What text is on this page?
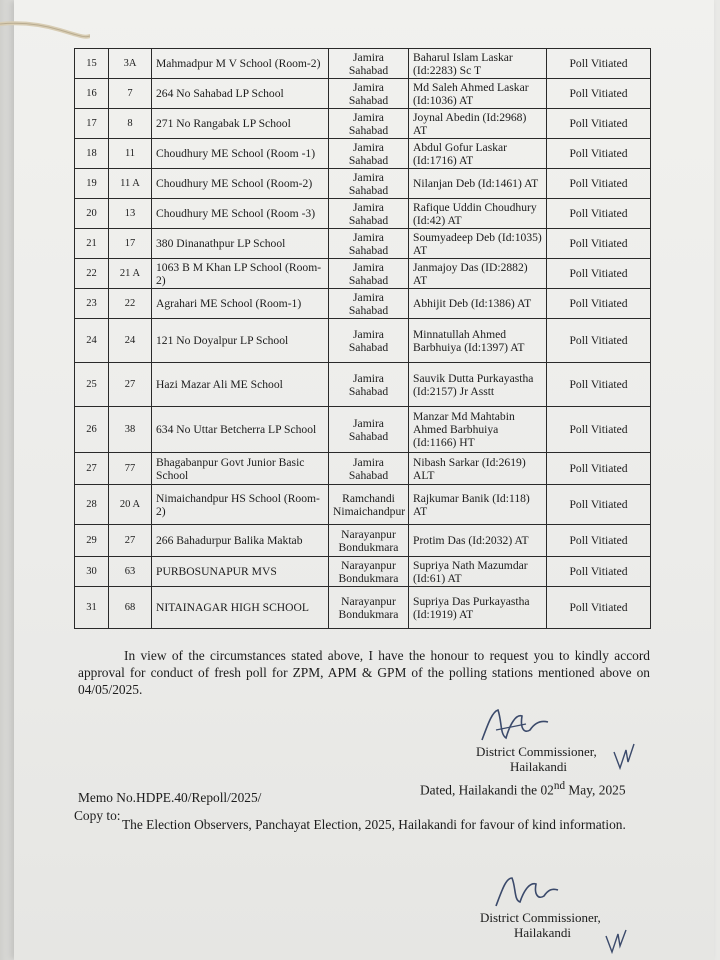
15	3A	Mahmadpur M V School (Room-2)	Jamira Sahabad	Baharul Islam Laskar (Id:2283) Sc T	Poll Vitiated
16	7	264 No Sahabad LP School	Jamira Sahabad	Md Saleh Ahmed Laskar (Id:1036) AT	Poll Vitiated
17	8	271 No Rangabak LP School	Jamira Sahabad	Joynal Abedin (Id:2968) AT	Poll Vitiated
18	11	Choudhury ME School (Room -1)	Jamira Sahabad	Abdul Gofur Laskar (Id:1716) AT	Poll Vitiated
19	11 A	Choudhury ME School (Room-2)	Jamira Sahabad	Nilanjan Deb (Id:1461) AT	Poll Vitiated
20	13	Choudhury ME School (Room -3)	Jamira Sahabad	Rafique Uddin Choudhury (Id:42) AT	Poll Vitiated
21	17	380 Dinanathpur LP School	Jamira Sahabad	Soumyadeep Deb (Id:1035) AT	Poll Vitiated
22	21 A	1063 B M Khan LP School (Room-2)	Jamira Sahabad	Janmajoy Das (ID:2882) AT	Poll Vitiated
23	22	Agrahari ME School (Room-1)	Jamira Sahabad	Abhijit Deb (Id:1386) AT	Poll Vitiated
24	24	121 No Doyalpur LP School	Jamira Sahabad	Minnatullah Ahmed Barbhuiya (Id:1397) AT	Poll Vitiated
25	27	Hazi Mazar Ali ME School	Jamira Sahabad	Sauvik Dutta Purkayastha (Id:2157) Jr Asstt	Poll Vitiated
26	38	634 No Uttar Betcherra LP School	Jamira Sahabad	Manzar Md Mahtabin Ahmed Barbhuiya (Id:1166) HT	Poll Vitiated
27	77	Bhagabanpur Govt Junior Basic School	Jamira Sahabad	Nibash Sarkar (Id:2619) ALT	Poll Vitiated
28	20 A	Nimaichandpur HS School (Room-2)	Ramchandi Nimaichandpur	Rajkumar Banik (Id:118) AT	Poll Vitiated
29	27	266 Bahadurpur Balika Maktab	Narayanpur Bondukmara	Protim Das (Id:2032) AT	Poll Vitiated
30	63	PURBOSUNAPUR MVS	Narayanpur Bondukmara	Supriya Nath Mazumdar (Id:61) AT	Poll Vitiated
31	68	NITAINAGAR HIGH SCHOOL	Narayanpur Bondukmara	Supriya Das Purkayastha (Id:1919) AT	Poll Vitiated
In view of the circumstances stated above, I have the honour to request you to kindly accord approval for conduct of fresh poll for ZPM, APM & GPM of the polling stations mentioned above on 04/05/2025.
District Commissioner,
Hailakandi
Dated, Hailakandi the 02nd May, 2025
Memo No.HDPE.40/Repoll/2025/
Copy to:
The Election Observers, Panchayat Election, 2025, Hailakandi for favour of kind information.
District Commissioner,
Hailakandi
